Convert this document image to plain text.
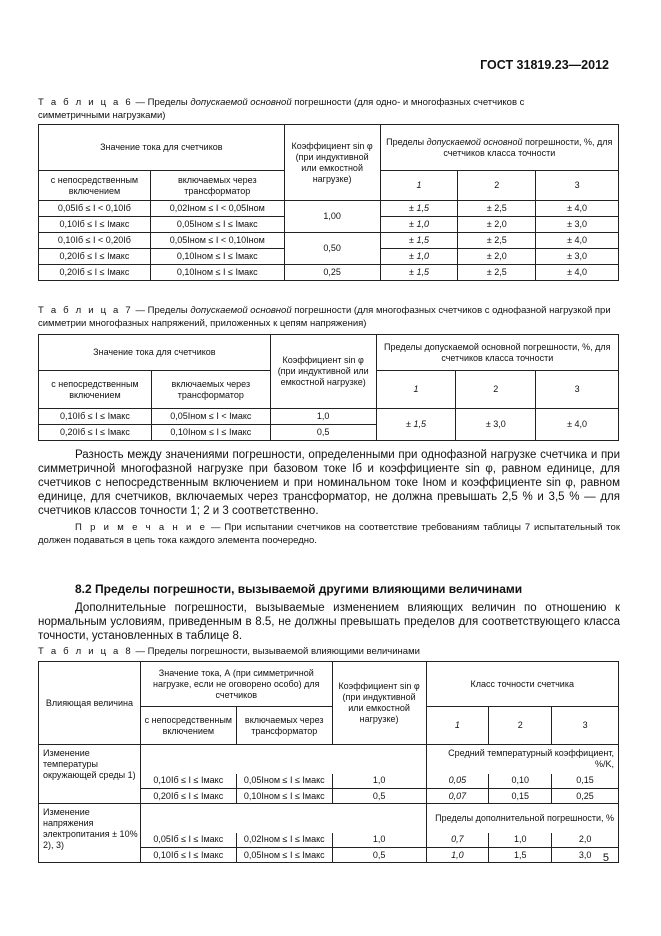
ГОСТ 31819.23—2012
Т а б л и ц а 6 — Пределы допускаемой основной погрешности (для одно- и многофазных счетчиков с симметричными нагрузками)
Значение тока для счетчиков		Коэффициент sin φ (при индуктивной или емкостной нагрузке)	Пределы допускаемой основной погрешности, %, для счетчиков класса точности		
с непосредственным включением	включаемых через трансформатор		1	2	3
0,05Iб ≤ I < 0,10Iб	0,02Iном ≤ I < 0,05Iном	1,00	± 1,5	± 2,5	± 4,0
0,10Iб ≤ I ≤ Iмакс	0,05Iном ≤ I ≤ Iмакс		± 1,0	± 2,0	± 3,0
0,10Iб ≤ I < 0,20Iб	0,05Iном ≤ I < 0,10Iном	0,50	± 1,5	± 2,5	± 4,0
0,20Iб ≤ I ≤ Iмакс	0,10Iном ≤ I ≤ Iмакс		± 1,0	± 2,0	± 3,0
0,20Iб ≤ I ≤ Iмакс	0,10Iном ≤ I ≤ Iмакс	0,25	± 1,5	± 2,5	± 4,0
Т а б л и ц а 7 — Пределы допускаемой основной погрешности (для многофазных счетчиков с однофазной нагрузкой при симметрии многофазных напряжений, приложенных к цепям напряжения)
Значение тока для счетчиков		Коэффициент sin φ (при индуктивной или емкостной нагрузке)	Пределы допускаемой основной погрешности, %, для счетчиков класса точности		
с непосредственным включением	включаемых через трансформатор		1	2	3
0,10Iб ≤ I ≤ Iмакс	0,05Iном ≤ I < Iмакс	1,0	± 1,5	± 3,0	± 4,0
0,20Iб ≤ I ≤ Iмакс	0,10Iном ≤ I ≤ Iмакс	0,5			
Разность между значениями погрешности, определенными при однофазной нагрузке счетчика и при симметричной многофазной нагрузке при базовом токе Iб и коэффициенте sin φ, равном единице, для счетчиков с непосредственным включением и при номинальном токе Iном и коэффициенте sin φ, равном единице, для счетчиков, включаемых через трансформатор, не должна превышать 2,5 % и 3,5 % — для счетчиков классов точности 1; 2 и 3 соответственно.
П р и м е ч а н и е — При испытании счетчиков на соответствие требованиям таблицы 7 испытательный ток должен подаваться в цепь тока каждого элемента поочередно.
8.2 Пределы погрешности, вызываемой другими влияющими величинами
Дополнительные погрешности, вызываемые изменением влияющих величин по отношению к нормальным условиям, приведенным в 8.5, не должны превышать пределов для соответствующего класса точности, установленных в таблице 8.
Т а б л и ц а 8 — Пределы погрешности, вызываемой влияющими величинами
Влияющая величина	Значение тока, А (при симметричной нагрузке, если не оговорено особо) для счетчиков		Коэффициент sin φ (при индуктивной или емкостной нагрузке)	Класс точности счетчика		
	с непосредственным включением	включаемых через трансформатор		1	2	3
Изменение температуры окружающей среды 1)				Средний температурный коэффициент, %/K,		
	0,10Iб ≤ I ≤ Iмакс	0,05Iном ≤ I ≤ Iмакс	1,0	0,05	0,10	0,15
	0,20Iб ≤ I ≤ Iмакс	0,10Iном ≤ I ≤ Iмакс	0,5	0,07	0,15	0,25
Изменение напряжения электропитания ± 10% 2), 3)				Пределы дополнительной погрешности, %		
	0,05Iб ≤ I ≤ Iмакс	0,02Iном ≤ I ≤ Iмакс	1,0	0,7	1,0	2,0
	0,10Iб ≤ I ≤ Iмакс	0,05Iном ≤ I ≤ Iмакс	0,5	1,0	1,5	3,0 5
